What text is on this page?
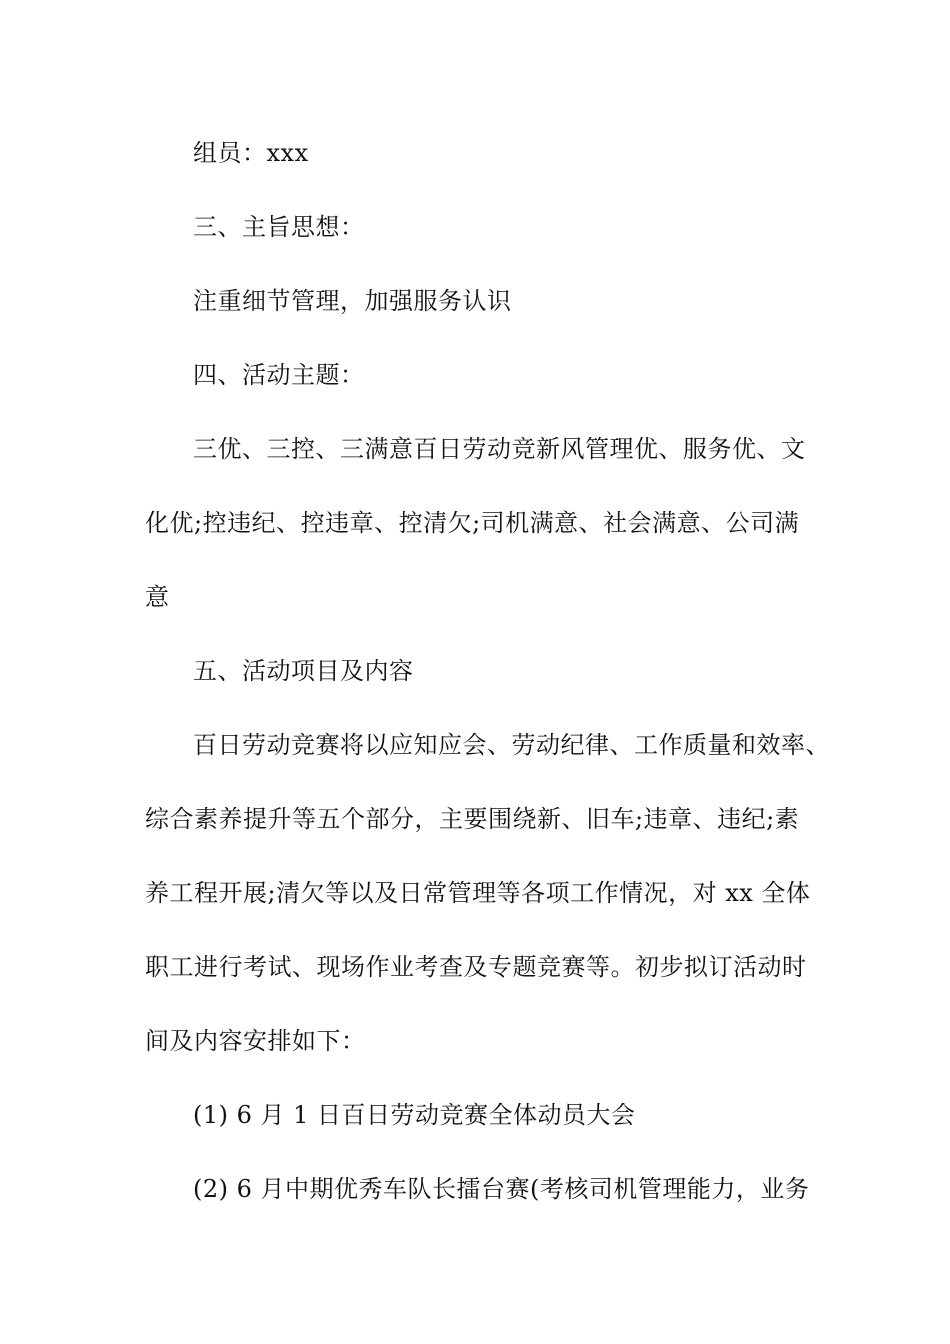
组员：xxx
三、主旨思想：
注重细节管理，加强服务认识
四、活动主题：
三优、三控、三满意百日劳动竞新风管理优、服务优、文
化优;控违纪、控违章、控清欠;司机满意、社会满意、公司满
意
五、活动项目及内容
百日劳动竞赛将以应知应会、劳动纪律、工作质量和效率、
综合素养提升等五个部分，主要围绕新、旧车;违章、违纪;素
养工程开展;清欠等以及日常管理等各项工作情况，对 xx 全体
职工进行考试、现场作业考查及专题竞赛等。初步拟订活动时
间及内容安排如下：
(1) 6 月 1 日百日劳动竞赛全体动员大会
(2) 6 月中期优秀车队长擂台赛(考核司机管理能力，业务
